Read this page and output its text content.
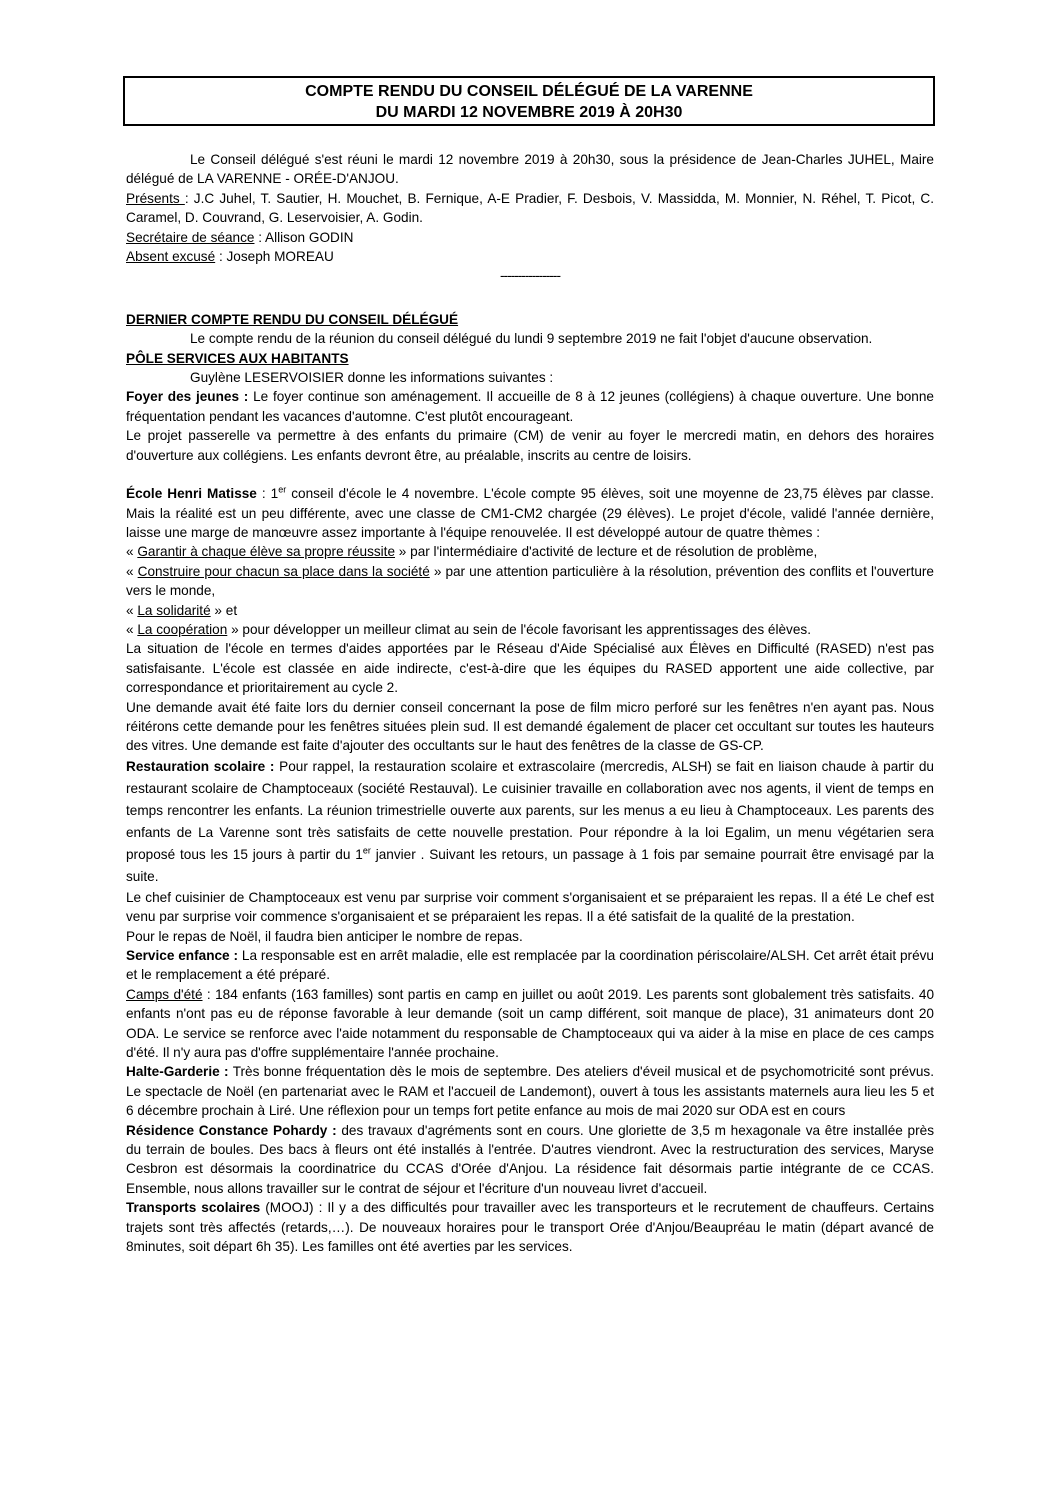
COMPTE RENDU DU CONSEIL DÉLÉGUÉ DE LA VARENNE
DU MARDI 12 NOVEMBRE 2019 À 20H30

Le Conseil délégué s'est réuni le mardi 12 novembre 2019 à 20h30, sous la présidence de Jean-Charles JUHEL, Maire délégué de LA VARENNE - ORÉE-D'ANJOU.

Présents : J.C Juhel, T. Sautier, H. Mouchet, B. Fernique, A-E Pradier, F. Desbois, V. Massidda, M. Monnier, N. Réhel, T. Picot, C. Caramel, D. Couvrand, G. Leservoisier, A. Godin.

Secrétaire de séance : Allison GODIN

Absent excusé : Joseph MOREAU

-----------------

DERNIER COMPTE RENDU DU CONSEIL DÉLÉGUÉ

Le compte rendu de la réunion du conseil délégué du lundi 9 septembre 2019 ne fait l'objet d'aucune observation.

PÔLE SERVICES AUX HABITANTS

Guylène LESERVOISIER donne les informations suivantes :

Foyer des jeunes : Le foyer continue son aménagement. Il accueille de 8 à 12 jeunes (collégiens) à chaque ouverture. Une bonne fréquentation pendant les vacances d'automne. C'est plutôt encourageant.

Le projet passerelle va permettre à des enfants du primaire (CM) de venir au foyer le mercredi matin, en dehors des horaires d'ouverture aux collégiens. Les enfants devront être, au préalable, inscrits au centre de loisirs.

École Henri Matisse : 1er conseil d'école le 4 novembre. L'école compte 95 élèves, soit une moyenne de 23,75 élèves par classe. Mais la réalité est un peu différente, avec une classe de CM1-CM2 chargée (29 élèves). Le projet d'école, validé l'année dernière, laisse une marge de manœuvre assez importante à l'équipe renouvelée. Il est développé autour de quatre thèmes :

« Garantir à chaque élève sa propre réussite » par l'intermédiaire d'activité de lecture et de résolution de problème,

« Construire pour chacun sa place dans la société » par une attention particulière à la résolution, prévention des conflits et l'ouverture vers le monde,

« La solidarité » et

« La coopération » pour développer un meilleur climat au sein de l'école favorisant les apprentissages des élèves.

La situation de l'école en termes d'aides apportées par le Réseau d'Aide Spécialisé aux Élèves en Difficulté (RASED) n'est pas satisfaisante. L'école est classée en aide indirecte, c'est-à-dire que les équipes du RASED apportent une aide collective, par correspondance et prioritairement au cycle 2.

Une demande avait été faite lors du dernier conseil concernant la pose de film micro perforé sur les fenêtres n'en ayant pas. Nous réitérons cette demande pour les fenêtres situées plein sud. Il est demandé également de placer cet occultant sur toutes les hauteurs des vitres. Une demande est faite d'ajouter des occultants sur le haut des fenêtres de la classe de GS-CP.

Restauration scolaire : Pour rappel, la restauration scolaire et extrascolaire (mercredis, ALSH) se fait en liaison chaude à partir du restaurant scolaire de Champtoceaux (société Restauval). Le cuisinier travaille en collaboration avec nos agents, il vient de temps en temps rencontrer les enfants. La réunion trimestrielle ouverte aux parents, sur les menus a eu lieu à Champtoceaux. Les parents des enfants de La Varenne sont très satisfaits de cette nouvelle prestation. Pour répondre à la loi Egalim, un menu végétarien sera proposé tous les 15 jours à partir du 1er janvier . Suivant les retours, un passage à 1 fois par semaine pourrait être envisagé par la suite.

Le chef cuisinier de Champtoceaux est venu par surprise voir comment s'organisaient et se préparaient les repas. Il a été Le chef est venu par surprise voir commence s'organisaient et se préparaient les repas. Il a été satisfait de la qualité de la prestation.

Pour le repas de Noël, il faudra bien anticiper le nombre de repas.

Service enfance : La responsable est en arrêt maladie, elle est remplacée par la coordination périscolaire/ALSH. Cet arrêt était prévu et le remplacement a été préparé.

Camps d'été : 184 enfants (163 familles) sont partis en camp en juillet ou août 2019. Les parents sont globalement très satisfaits. 40 enfants n'ont pas eu de réponse favorable à leur demande (soit un camp différent, soit manque de place), 31 animateurs dont 20 ODA. Le service se renforce avec l'aide notamment du responsable de Champtoceaux qui va aider à la mise en place de ces camps d'été. Il n'y aura pas d'offre supplémentaire l'année prochaine.

Halte-Garderie : Très bonne fréquentation dès le mois de septembre. Des ateliers d'éveil musical et de psychomotricité sont prévus. Le spectacle de Noël (en partenariat avec le RAM et l'accueil de Landemont), ouvert à tous les assistants maternels aura lieu les 5 et 6 décembre prochain à Liré. Une réflexion pour un temps fort petite enfance au mois de mai 2020 sur ODA est en cours

Résidence Constance Pohardy : des travaux d'agréments sont en cours. Une gloriette de 3,5 m hexagonale va être installée près du terrain de boules. Des bacs à fleurs ont été installés à l'entrée. D'autres viendront. Avec la restructuration des services, Maryse Cesbron est désormais la coordinatrice du CCAS d'Orée d'Anjou. La résidence fait désormais partie intégrante de ce CCAS. Ensemble, nous allons travailler sur le contrat de séjour et l'écriture d'un nouveau livret d'accueil.

Transports scolaires (MOOJ) : Il y a des difficultés pour travailler avec les transporteurs et le recrutement de chauffeurs. Certains trajets sont très affectés (retards,…). De nouveaux horaires pour le transport Orée d'Anjou/Beaupréau le matin (départ avancé de 8minutes, soit départ 6h 35). Les familles ont été averties par les services.
